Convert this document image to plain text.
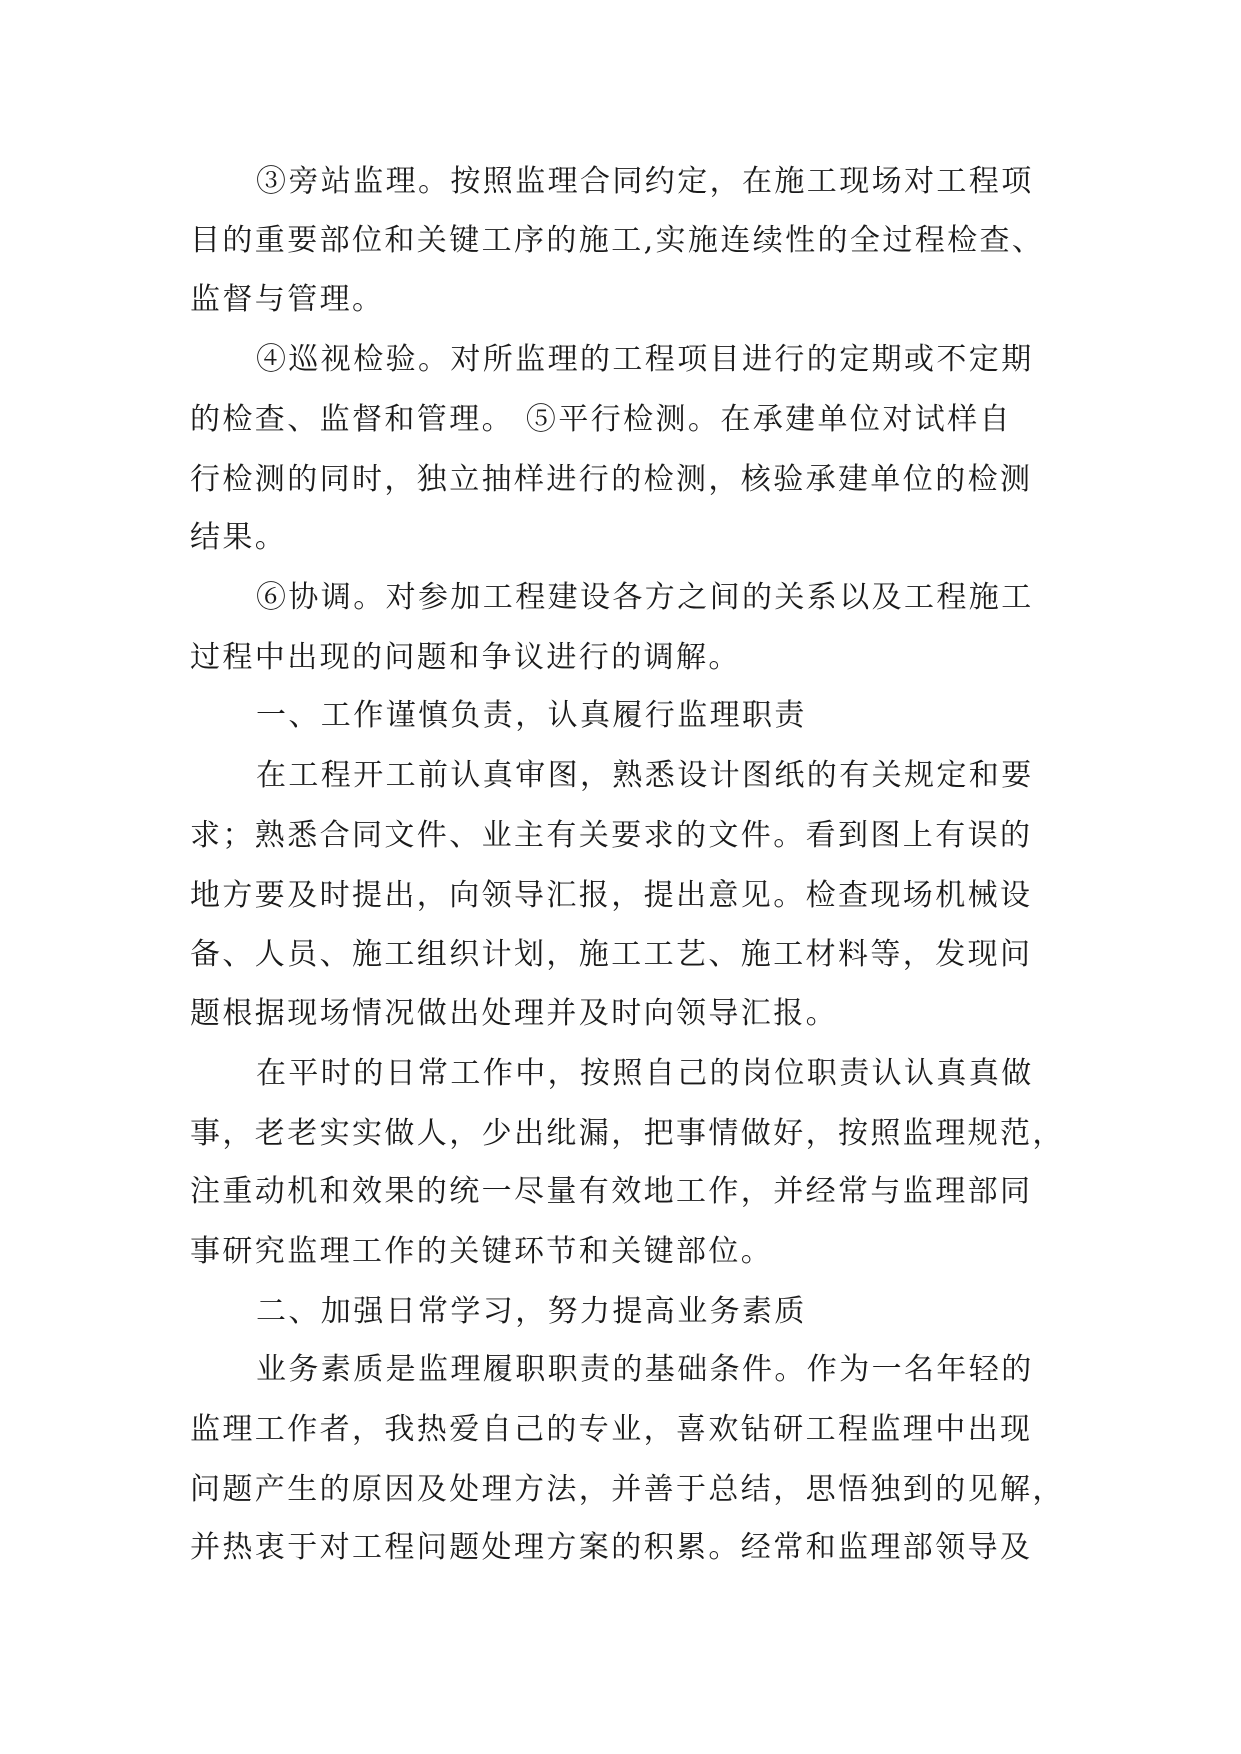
③旁站监理。按照监理合同约定，在施工现场对工程项
目的重要部位和关键工序的施工,实施连续性的全过程检查、
监督与管理。
④巡视检验。对所监理的工程项目进行的定期或不定期
的检查、监督和管理。 ⑤平行检测。在承建单位对试样自
行检测的同时，独立抽样进行的检测，核验承建单位的检测
结果。
⑥协调。对参加工程建设各方之间的关系以及工程施工
过程中出现的问题和争议进行的调解。
一、工作谨慎负责，认真履行监理职责
在工程开工前认真审图，熟悉设计图纸的有关规定和要
求；熟悉合同文件、业主有关要求的文件。看到图上有误的
地方要及时提出，向领导汇报，提出意见。检查现场机械设
备、人员、施工组织计划，施工工艺、施工材料等，发现问
题根据现场情况做出处理并及时向领导汇报。
在平时的日常工作中，按照自己的岗位职责认认真真做
事，老老实实做人，少出纰漏，把事情做好，按照监理规范，
注重动机和效果的统一尽量有效地工作，并经常与监理部同
事研究监理工作的关键环节和关键部位。
二、加强日常学习，努力提高业务素质
业务素质是监理履职职责的基础条件。作为一名年轻的
监理工作者，我热爱自己的专业，喜欢钻研工程监理中出现
问题产生的原因及处理方法，并善于总结，思悟独到的见解，
并热衷于对工程问题处理方案的积累。经常和监理部领导及
